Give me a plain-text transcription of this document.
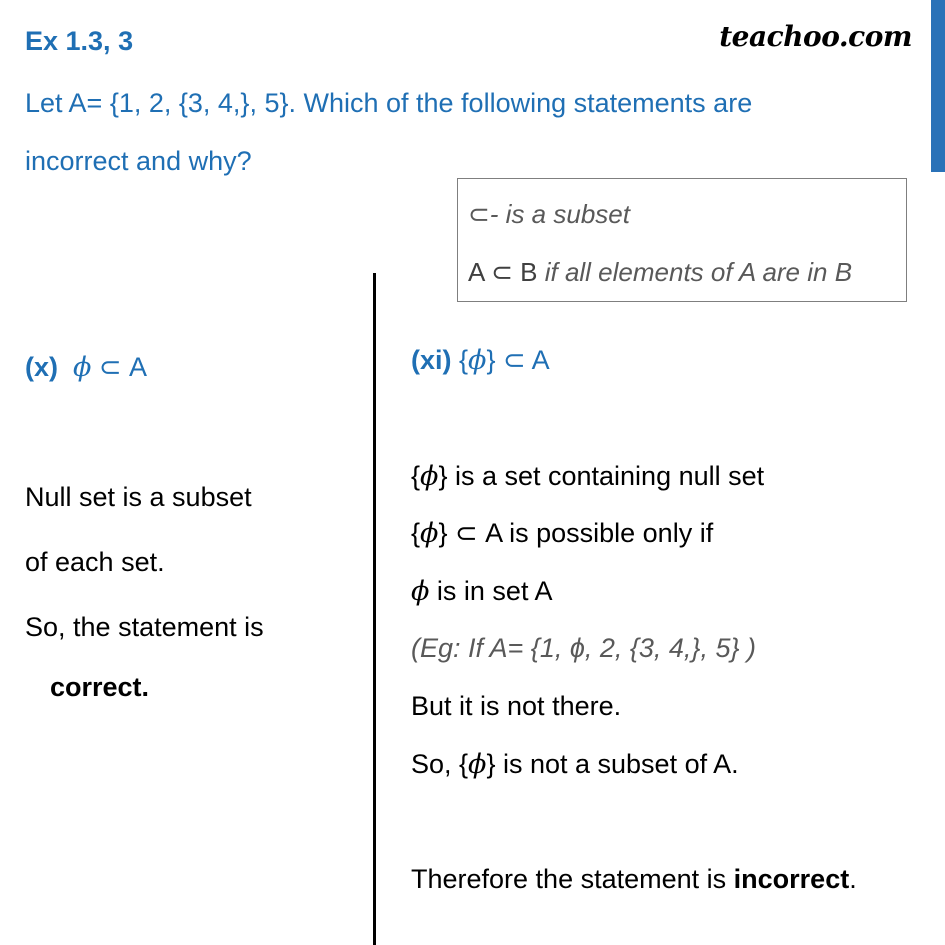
Ex 1.3, 3	teachoo.com
Let A= {1, 2, {3, 4,}, 5}. Which of the following statements are
incorrect and why?
⊂- is a subset
A ⊂ B if all elements of A are in B
(x) ϕ ⊂ A
Null set is a subset
of each set.
So, the statement is
correct.
(xi) {ϕ} ⊂ A
{ϕ} is a set containing null set
{ϕ} ⊂ A is possible only if
ϕ is in set A
(Eg: If A= {1, ϕ, 2, {3, 4,}, 5} )
But it is not there.
So, {ϕ} is not a subset of A.
Therefore the statement is incorrect.
